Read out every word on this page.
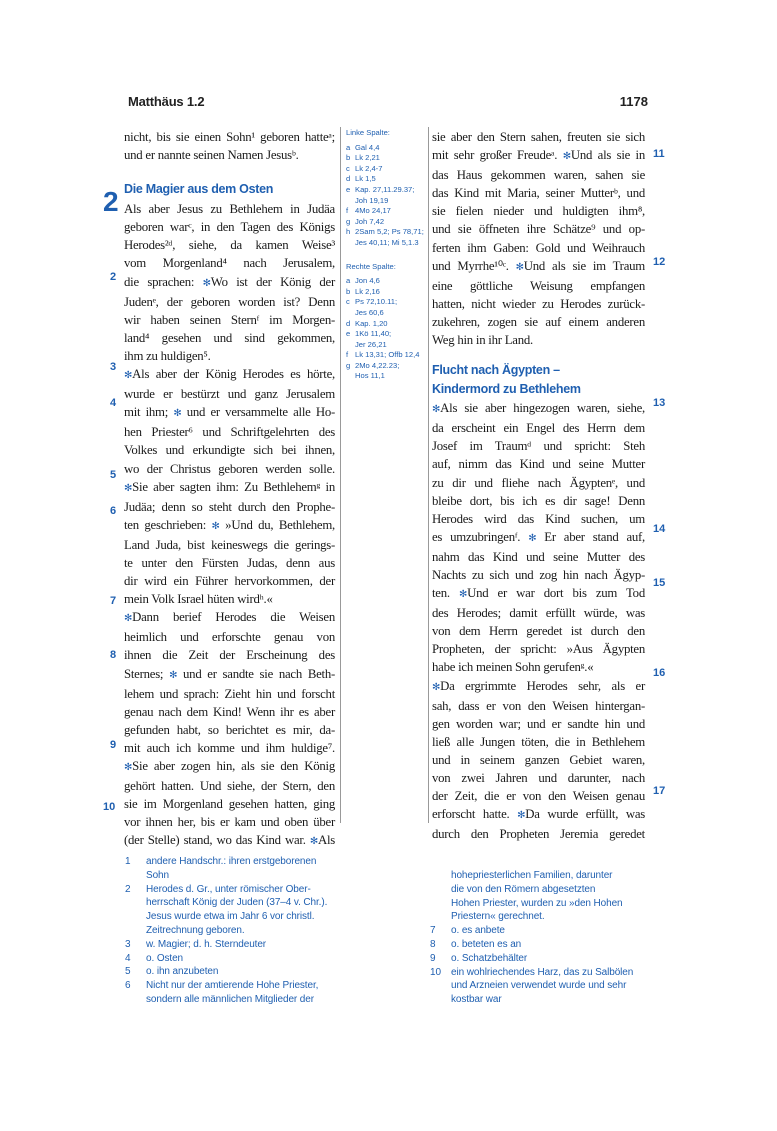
Matthäus 1.2	1178
2
nicht, bis sie einen Sohn¹ geboren hatteᵃ;
und er nannte seinen Namen Jesusᵇ.
Die Magier aus dem Osten
Als aber Jesus zu Bethlehem in Judäa
geboren warᶜ, in den Tagen des Königs
Herodes²ᵈ, siehe, da kamen Weise³
vom Morgenland⁴ nach Jerusalem,
die sprachen: ✻Wo ist der König der
Judenᵉ, der geboren worden ist? Denn
wir haben seinen Sternᶠ im Morgen-
land⁴ gesehen und sind gekommen,
ihm zu huldigen⁵.
✻Als aber der König Herodes es hörte,
wurde er bestürzt und ganz Jerusalem
mit ihm; ✻ und er versammelte alle Ho-
hen Priester⁶ und Schriftgelehrten des
Volkes und erkundigte sich bei ihnen,
wo der Christus geboren werden solle.
✻Sie aber sagten ihm: Zu Bethlehemᵍ in
Judäa; denn so steht durch den Prophe-
ten geschrieben: ✻ »Und du, Bethlehem,
Land Juda, bist keineswegs die gerings-
te unter den Fürsten Judas, denn aus
dir wird ein Führer hervorkommen, der
mein Volk Israel hüten wirdʰ.«
✻Dann berief Herodes die Weisen
heimlich und erforschte genau von
ihnen die Zeit der Erscheinung des
Sternes; ✻ und er sandte sie nach Beth-
lehem und sprach: Zieht hin und forscht
genau nach dem Kind! Wenn ihr es aber
gefunden habt, so berichtet es mir, da-
mit auch ich komme und ihm huldige⁷.
✻Sie aber zogen hin, als sie den König
gehört hatten. Und siehe, der Stern, den
sie im Morgenland gesehen hatten, ging
vor ihnen her, bis er kam und oben über
(der Stelle) stand, wo das Kind war. ✻Als
2
3
4
5
6
7
8
9
10
Linke Spalte:
a Gal 4,4
b Lk 2,21
c Lk 2,4-7
d Lk 1,5
e Kap. 27,11.29.37;
Joh 19,19
f 4Mo 24,17
g Joh 7,42
h 2Sam 5,2; Ps 78,71;
Jes 40,11; Mi 5,1.3
Rechte Spalte:
a Jon 4,6
b Lk 2,16
c Ps 72,10.11;
Jes 60,6
d Kap. 1,20
e 1Kö 11,40;
Jer 26,21
f Lk 13,31; Offb 12,4
g 2Mo 4,22.23;
Hos 11,1
sie aber den Stern sahen, freuten sie sich
mit sehr großer Freudeᵃ. ✻Und als sie in
das Haus gekommen waren, sahen sie
das Kind mit Maria, seiner Mutterᵇ, und
sie fielen nieder und huldigten ihm⁸,
und sie öffneten ihre Schätze⁹ und op-
ferten ihm Gaben: Gold und Weihrauch
und Myrrhe¹⁰ᶜ. ✻Und als sie im Traum
eine göttliche Weisung empfangen
hatten, nicht wieder zu Herodes zurück-
zukehren, zogen sie auf einem anderen
Weg hin in ihr Land.
Flucht nach Ägypten –
Kindermord zu Bethlehem
✻Als sie aber hingezogen waren, siehe,
da erscheint ein Engel des Herrn dem
Josef im Traumᵈ und spricht: Steh
auf, nimm das Kind und seine Mutter
zu dir und fliehe nach Ägyptenᵉ, und
bleibe dort, bis ich es dir sage! Denn
Herodes wird das Kind suchen, um
es umzubringenᶠ. ✻ Er aber stand auf,
nahm das Kind und seine Mutter des
Nachts zu sich und zog hin nach Ägyp-
ten. ✻Und er war dort bis zum Tod
des Herodes; damit erfüllt würde, was
von dem Herrn geredet ist durch den
Propheten, der spricht: »Aus Ägypten
habe ich meinen Sohn gerufenᵍ.«
✻Da ergrimmte Herodes sehr, als er
sah, dass er von den Weisen hintergan-
gen worden war; und er sandte hin und
ließ alle Jungen töten, die in Bethlehem
und in seinem ganzen Gebiet waren,
von zwei Jahren und darunter, nach
der Zeit, die er von den Weisen genau
erforscht hatte. ✻Da wurde erfüllt, was
durch den Propheten Jeremia geredet
11
12
13
14
15
16
17
1	andere Handschr.: ihren erstgeborenen
Sohn
2	Herodes d. Gr., unter römischer Ober-
herrschaft König der Juden (37–4 v. Chr.).
Jesus wurde etwa im Jahr 6 vor christl.
Zeitrechnung geboren.
3	w. Magier; d. h. Sterndeuter
4	o. Osten
5	o. ihn anzubeten
6	Nicht nur der amtierende Hohe Priester,
sondern alle männlichen Mitglieder der
hohepriesterlichen Familien, darunter
die von den Römern abgesetzten
Hohen Priester, wurden zu »den Hohen
Priestern« gerechnet.
7	o. es anbete
8	o. beteten es an
9	o. Schatzbehälter
10	ein wohlriechendes Harz, das zu Salbölen
und Arzneien verwendet wurde und sehr
kostbar war
